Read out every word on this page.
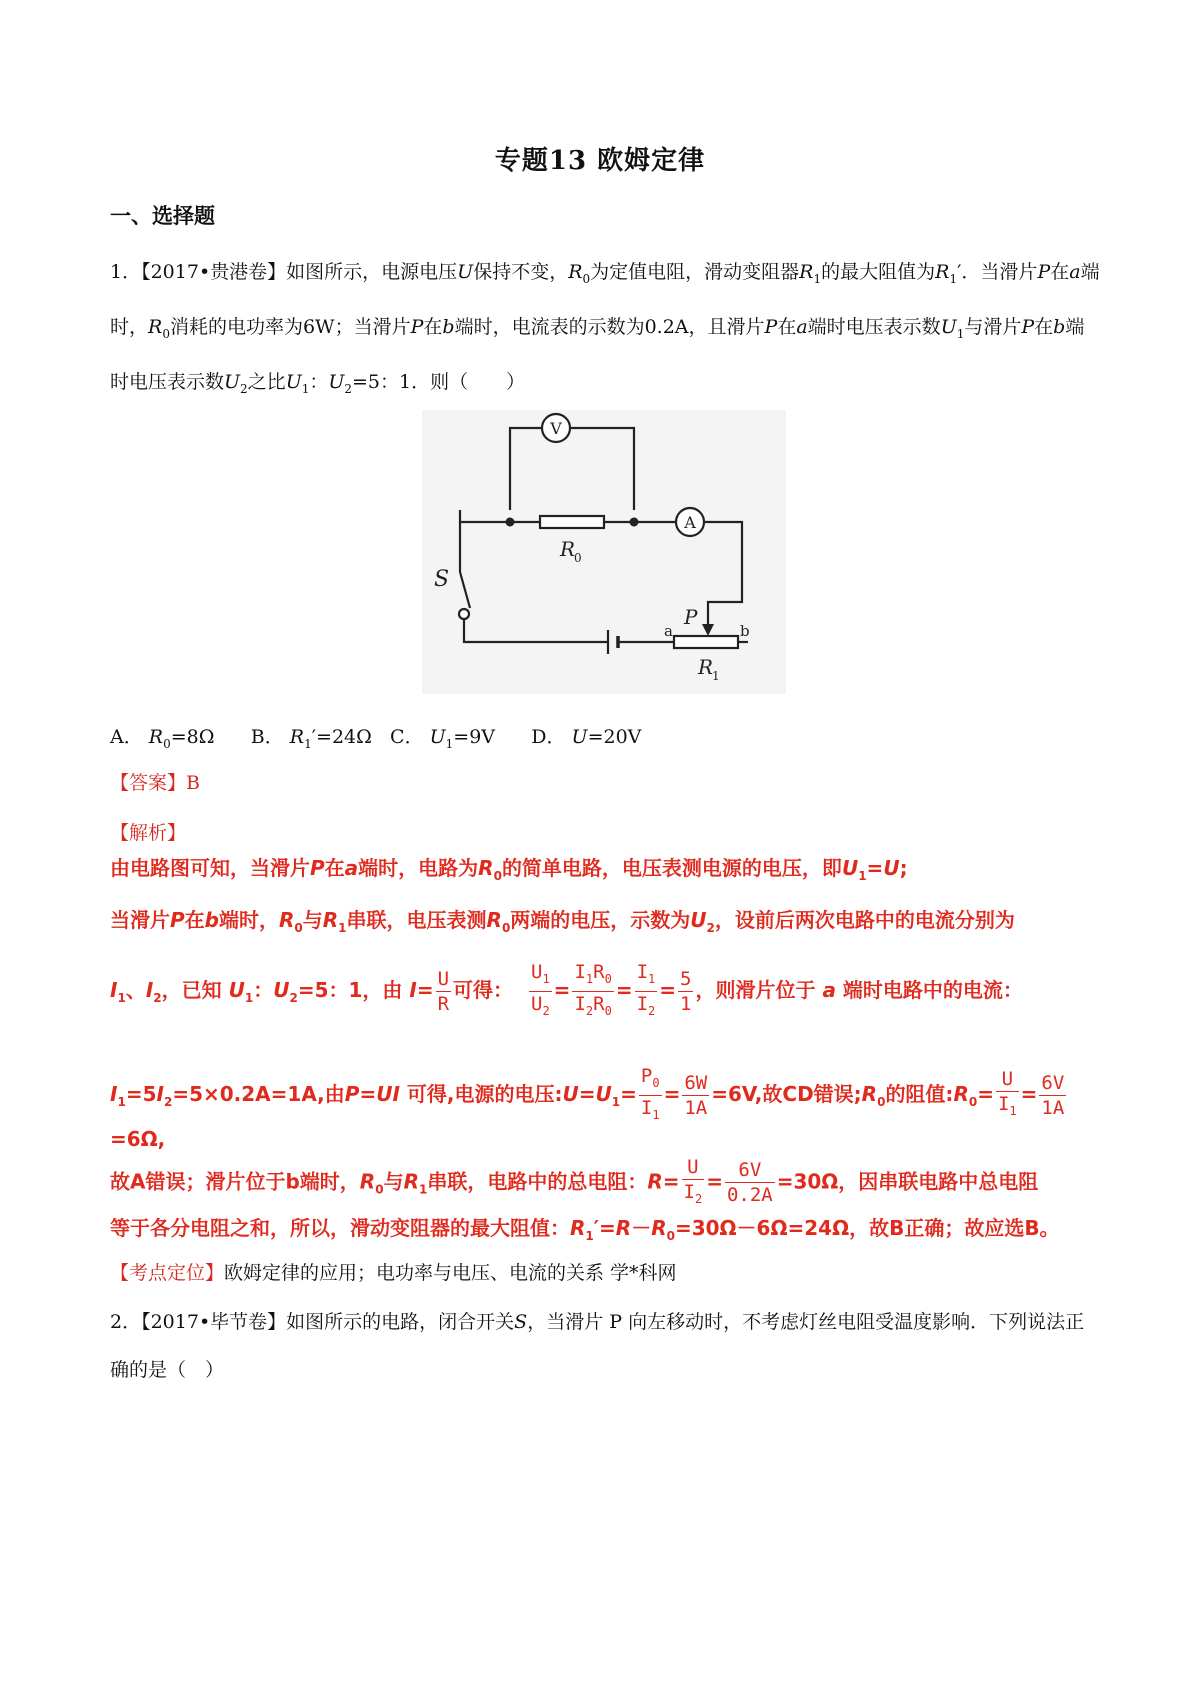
专题13 欧姆定律
一、选择题
1．【2017•贵港卷】如图所示，电源电压U保持不变，$R_0$为定值电阻，滑动变阻器$R_1$的最大阻值为$R_1'$．当滑片P在a端时，$R_0$消耗的电功率为6W；当滑片P在b端时，电流表的示数为0.2A，且滑片P在a端时电压表示数$U_1$与滑片P在b端时电压表示数$U_2$之比$U_1$：$U_2=5$：1．则（　　）
V
A
R
0
S
P
a	b
R
1
A． $R_0=8\Omega$ B． $R_1'=24\Omega$ C． $U_1=9V$ D． U=20V
【答案】B
【解析】
由电路图可知，当滑片P在a端时，电路为$R_0$的简单电路，电压表测电源的电压，即$U_1=U$;
当滑片P在b端时，$R_0$与$R_1$串联，电压表测$R_0$两端的电压，示数为$U_2$，设前后两次电路中的电流分别为
$I_1$、$I_2$，已知 $U_1$：$U_2=5$：1，由 $I= \frac{U}{R}$ 可得： $\frac{U_1}{U_2} = \frac{I_1R_0}{I_2R_0} = \frac{I_1}{I_2} = \frac{5}{1}$ ，则滑片位于 a 端时电路中的电流：
$I_1=5I_2=5\times 0.2A=1A$,由P=UI 可得,电源的电压$:U=U_1= \frac{P_0}{I_1} = \frac{6W}{1A} =6V$,故CD错误$;R_0$的阻值$:R_0= \frac{U}{I_1} = \frac{6V}{1A}$
=6Ω,
故A错误；滑片位于b端时，$R_0$与$R_1$串联，电路中的总电阻：$R= \frac{U}{I_2} = \frac{6V}{0.2A} =30\Omega$，因串联电路中总电阻
等于各分电阻之和，所以，滑动变阻器的最大阻值：$R_1'=R-R_0=30\Omega-6\Omega=24\Omega$，故B正确；故应选B。
【考点定位】欧姆定律的应用；电功率与电压、电流的关系 学*科网
2．【2017•毕节卷】如图所示的电路，闭合开关S，当滑片 P 向左移动时，不考虑灯丝电阻受温度影响．下列说法正确的是（　）
